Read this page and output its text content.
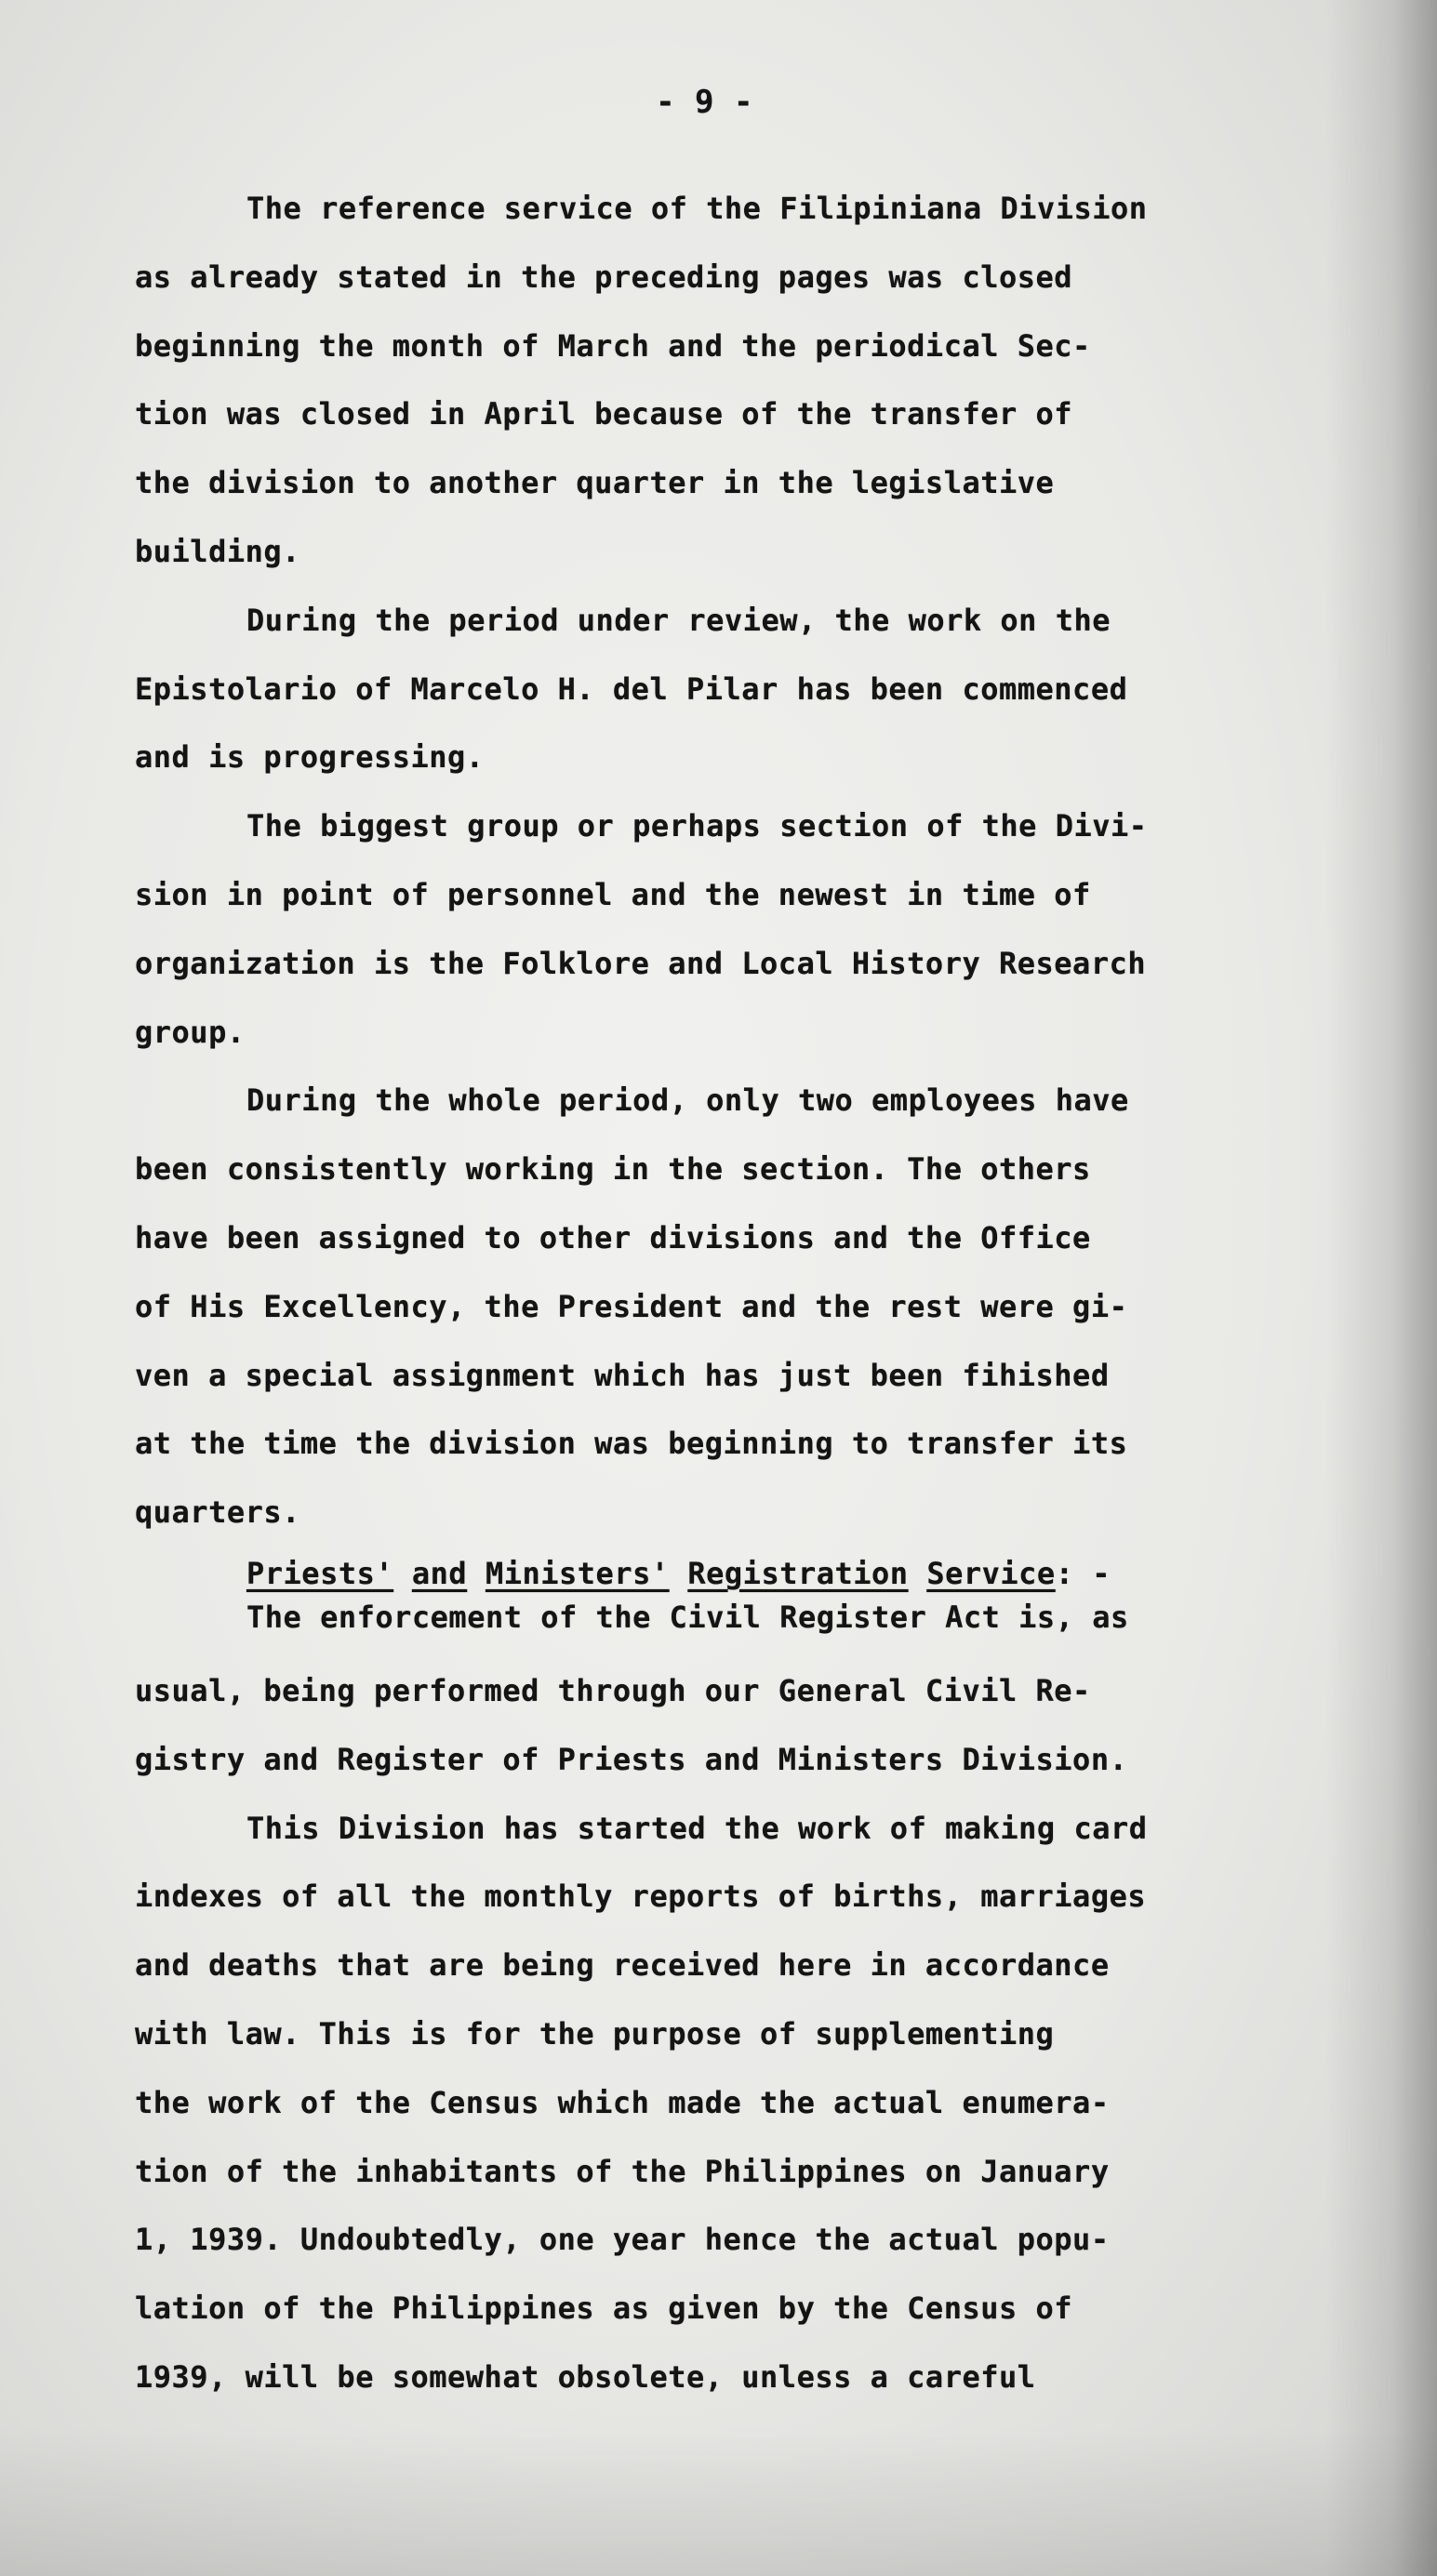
- 9 -
The reference service of the Filipiniana Division
as already stated in the preceding pages was closed
beginning the month of March and the periodical Sec-
tion was closed in April because of the transfer of
the division to another quarter in the legislative
building.
During the period under review, the work on the
Epistolario of Marcelo H. del Pilar has been commenced
and is progressing.
The biggest group or perhaps section of the Divi-
sion in point of personnel and the newest in time of
organization is the Folklore and Local History Research
group.
During the whole period, only two employees have
been consistently working in the section. The others
have been assigned to other divisions and the Office
of His Excellency, the President and the rest were gi-
ven a special assignment which has just been fihished
at the time the division was beginning to transfer its
quarters.
Priests' and Ministers' Registration Service: -
The enforcement of the Civil Register Act is, as
usual, being performed through our General Civil Re-
gistry and Register of Priests and Ministers Division.
This Division has started the work of making card
indexes of all the monthly reports of births, marriages
and deaths that are being received here in accordance
with law. This is for the purpose of supplementing
the work of the Census which made the actual enumera-
tion of the inhabitants of the Philippines on January
1, 1939. Undoubtedly, one year hence the actual popu-
lation of the Philippines as given by the Census of
1939, will be somewhat obsolete, unless a careful
